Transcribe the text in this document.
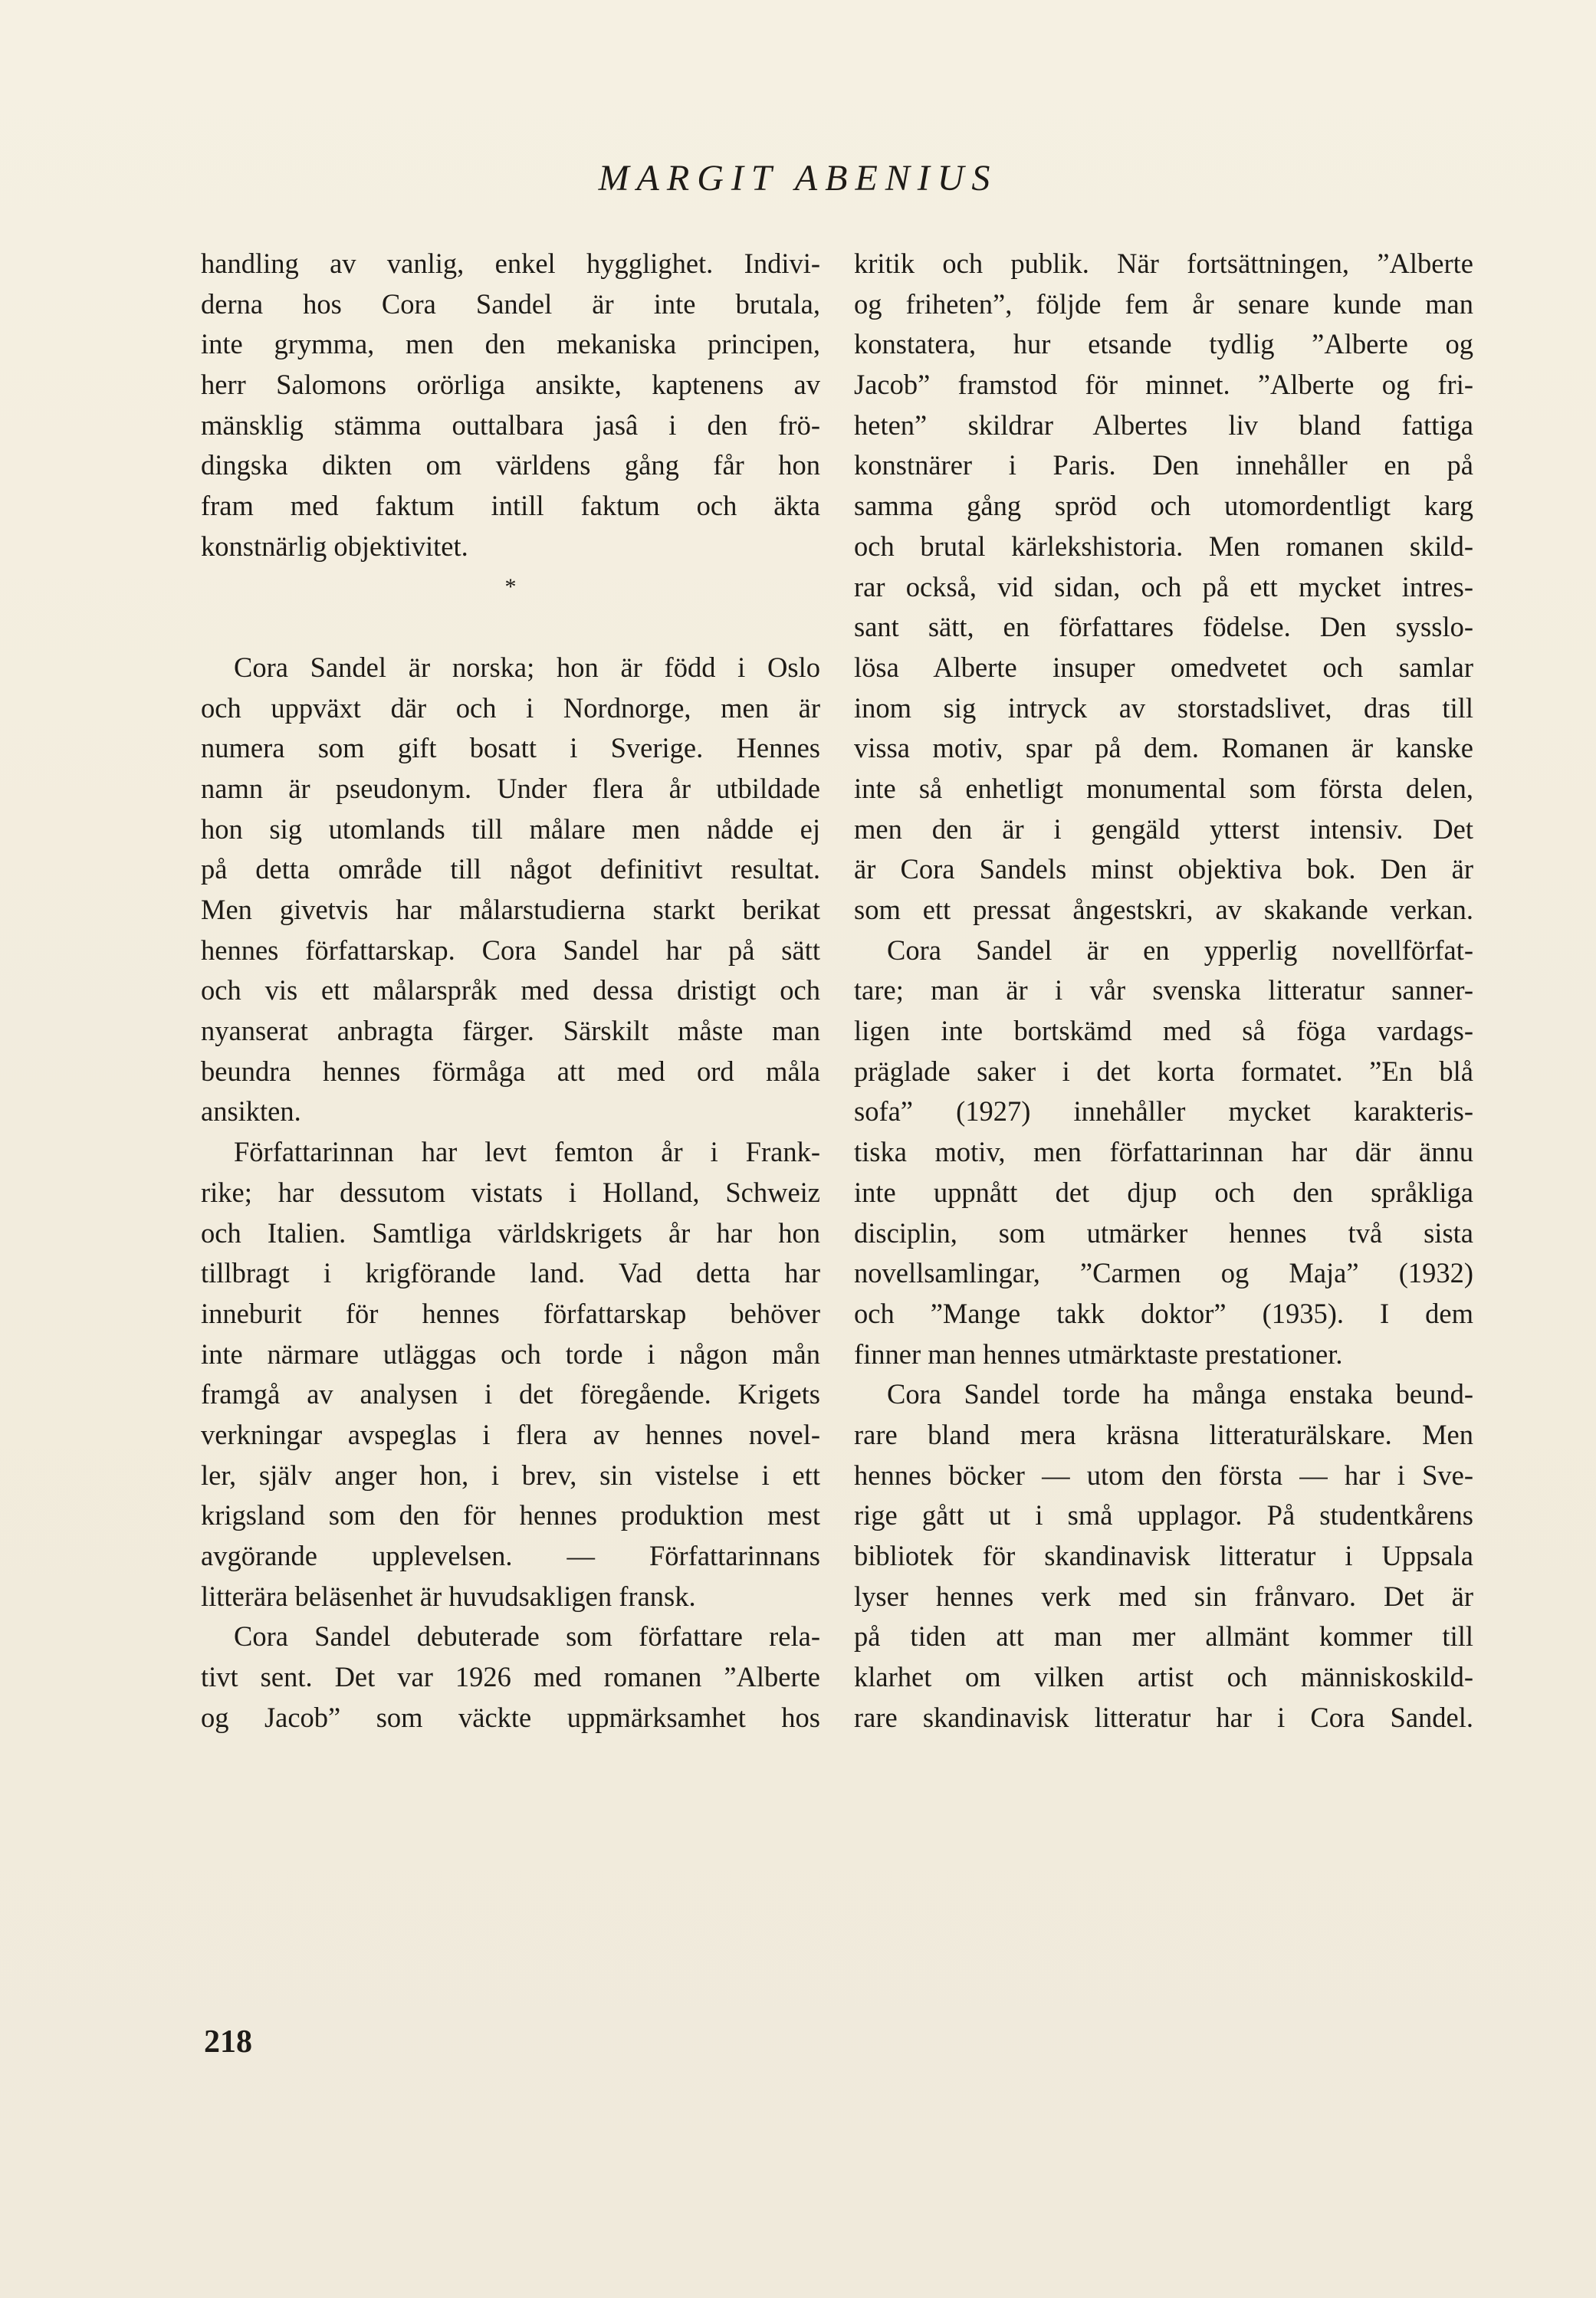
MARGIT ABENIUS
handling av vanlig, enkel hygglighet. Indivi-
derna hos Cora Sandel är inte brutala,
inte grymma, men den mekaniska principen,
herr Salomons orörliga ansikte, kaptenens av
mänsklig stämma outtalbara jasâ i den frö-
dingska dikten om världens gång får hon
fram med faktum intill faktum och äkta
konstnärlig objektivitet.
*
Cora Sandel är norska; hon är född i Oslo
och uppväxt där och i Nordnorge, men är
numera som gift bosatt i Sverige. Hennes
namn är pseudonym. Under flera år utbildade
hon sig utomlands till målare men nådde ej
på detta område till något definitivt resultat.
Men givetvis har målarstudierna starkt berikat
hennes författarskap. Cora Sandel har på sätt
och vis ett målarspråk med dessa dristigt och
nyanserat anbragta färger. Särskilt måste man
beundra hennes förmåga att med ord måla
ansikten.
Författarinnan har levt femton år i Frank-
rike; har dessutom vistats i Holland, Schweiz
och Italien. Samtliga världskrigets år har hon
tillbragt i krigförande land. Vad detta har
inneburit för hennes författarskap behöver
inte närmare utläggas och torde i någon mån
framgå av analysen i det föregående. Krigets
verkningar avspeglas i flera av hennes novel-
ler, själv anger hon, i brev, sin vistelse i ett
krigsland som den för hennes produktion mest
avgörande upplevelsen. — Författarinnans
litterära beläsenhet är huvudsakligen fransk.
Cora Sandel debuterade som författare rela-
tivt sent. Det var 1926 med romanen ”Alberte
og Jacob” som väckte uppmärksamhet hos
kritik och publik. När fortsättningen, ”Alberte
og friheten”, följde fem år senare kunde man
konstatera, hur etsande tydlig ”Alberte og
Jacob” framstod för minnet. ”Alberte og fri-
heten” skildrar Albertes liv bland fattiga
konstnärer i Paris. Den innehåller en på
samma gång spröd och utomordentligt karg
och brutal kärlekshistoria. Men romanen skild-
rar också, vid sidan, och på ett mycket intres-
sant sätt, en författares födelse. Den sysslo-
lösa Alberte insuper omedvetet och samlar
inom sig intryck av storstadslivet, dras till
vissa motiv, spar på dem. Romanen är kanske
inte så enhetligt monumental som första delen,
men den är i gengäld ytterst intensiv. Det
är Cora Sandels minst objektiva bok. Den är
som ett pressat ångestskri, av skakande verkan.
Cora Sandel är en ypperlig novellförfat-
tare; man är i vår svenska litteratur sanner-
ligen inte bortskämd med så föga vardags-
präglade saker i det korta formatet. ”En blå
sofa” (1927) innehåller mycket karakteris-
tiska motiv, men författarinnan har där ännu
inte uppnått det djup och den språkliga
disciplin, som utmärker hennes två sista
novellsamlingar, ”Carmen og Maja” (1932)
och ”Mange takk doktor” (1935). I dem
finner man hennes utmärktaste prestationer.
Cora Sandel torde ha många enstaka beund-
rare bland mera kräsna litteraturälskare. Men
hennes böcker — utom den första — har i Sve-
rige gått ut i små upplagor. På studentkårens
bibliotek för skandinavisk litteratur i Uppsala
lyser hennes verk med sin frånvaro. Det är
på tiden att man mer allmänt kommer till
klarhet om vilken artist och människoskild-
rare skandinavisk litteratur har i Cora Sandel.
218
